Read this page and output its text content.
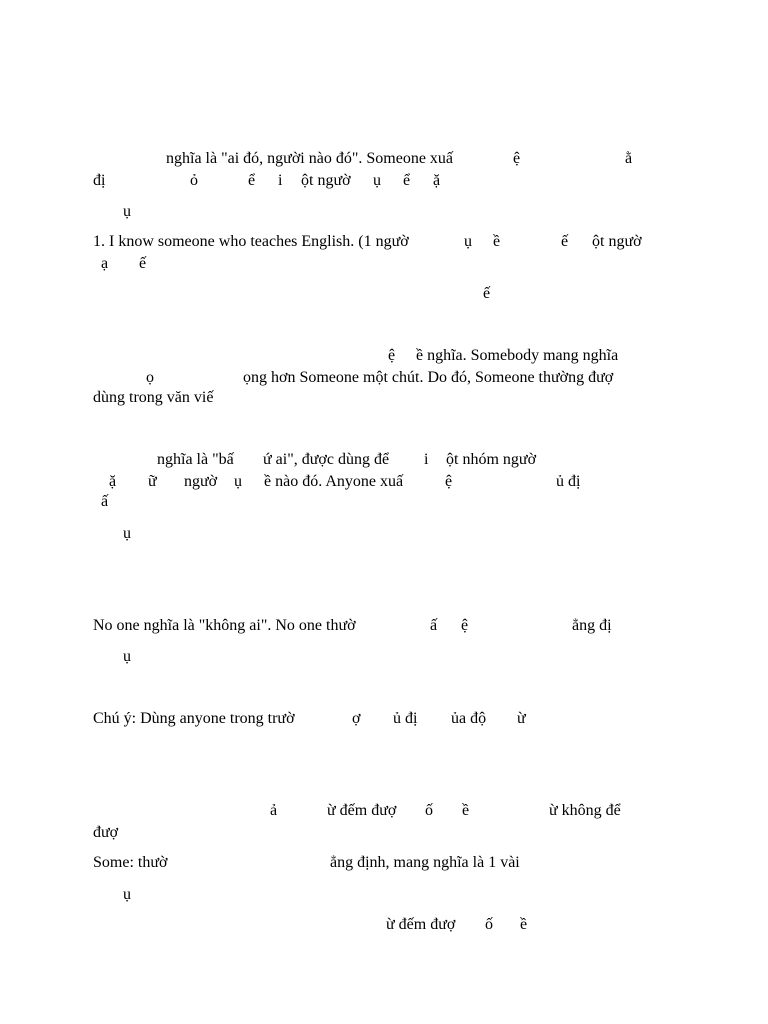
nghĩa là "ai đó, người nào đó". Someone xuấ	ệ	ằ
đị	ỏ	ể i ột ngườ ụ ể ặ
ụ
1. I know someone who teaches English. (1 ngườ	ụ ề	ế ột ngườ
ạ ế
ế
ệ ề nghĩa. Somebody mang nghĩa
ọ	ọng hơn Someone một chút. Do đó, Someone thường đượ
dùng trong văn viế
nghĩa là "bấ ứ ai", được dùng để i ột nhóm ngườ
ặ ữ ngườ ụ ề nào đó. Anyone xuấ	ệ	ủ đị
ấ
ụ
No one nghĩa là "không ai". No one thườ	ấ ệ	ẳng đị
ụ
Chú ý: Dùng anyone trong trườ	ợ ủ đị ủa độ ừ
ả	ừ đếm đượ ố ề	ừ không để
đượ
Some: thườ	ẳng định, mang nghĩa là 1 vài
ụ
ừ đếm đượ ố ề
